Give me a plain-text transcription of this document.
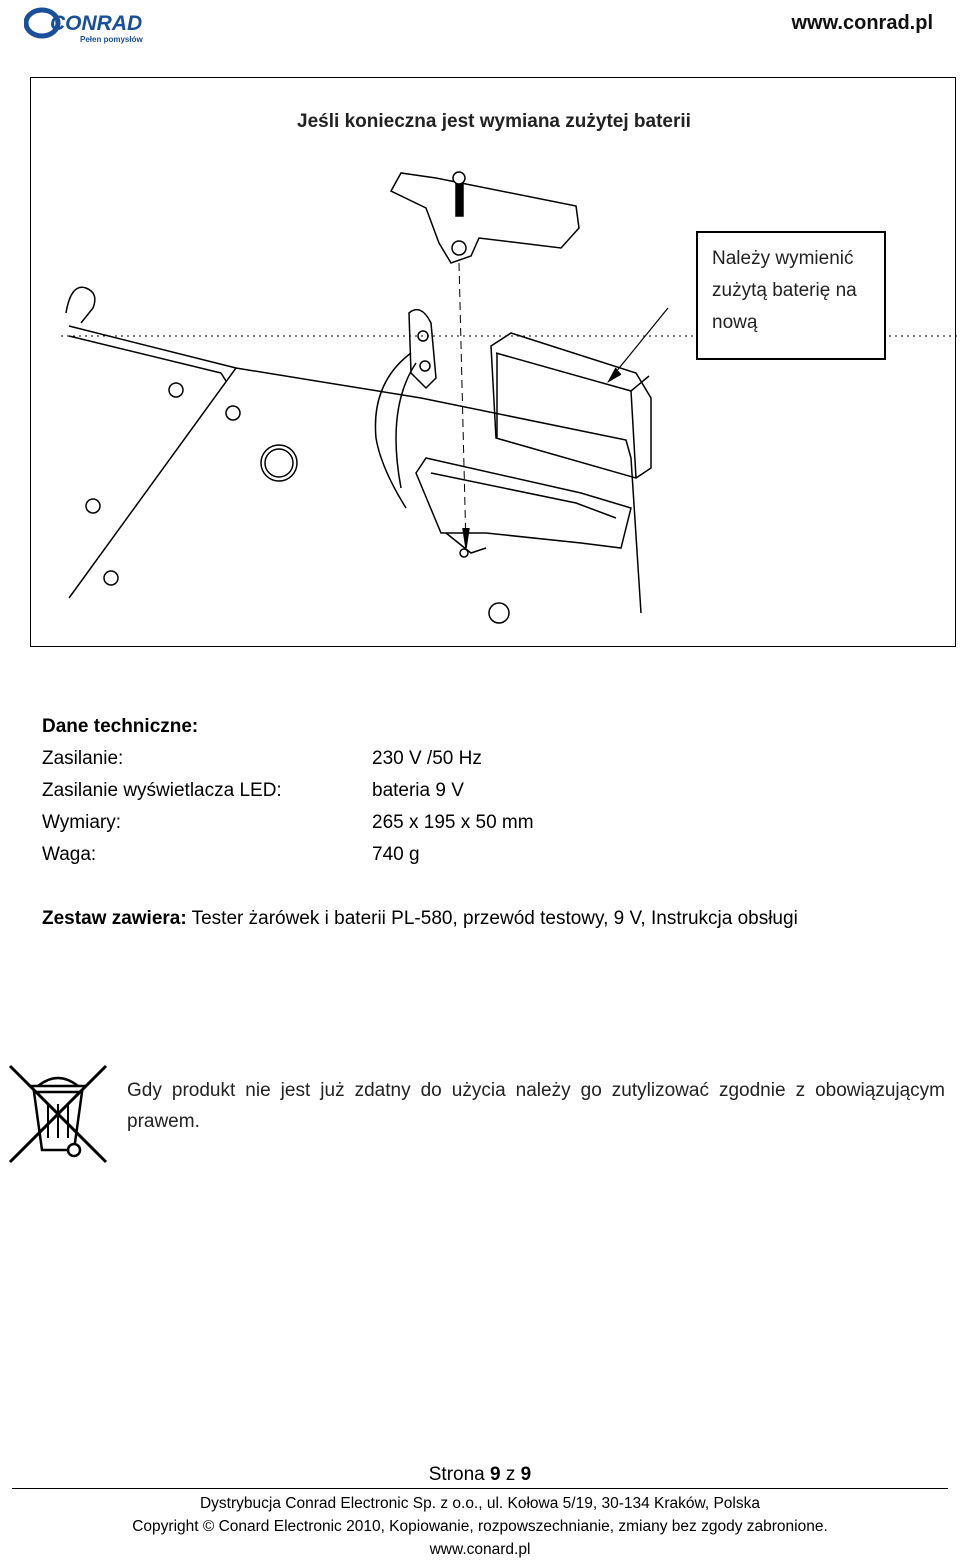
CONRAD
Pełen pomysłów
www.conrad.pl
Jeśli konieczna jest wymiana zużytej baterii
Należy wymienić
zużytą baterię na
nową
Dane techniczne:
Zasilanie:	230 V /50 Hz
Zasilanie wyświetlacza LED:	bateria 9 V
Wymiary:	265 x 195 x 50 mm
Waga:	740 g
Zestaw zawiera: Tester żarówek i baterii PL-580, przewód testowy, 9 V, Instrukcja obsługi
Gdy produkt nie jest już zdatny do użycia należy go zutylizować zgodnie z obowiązującym prawem.
Strona 9 z 9
Dystrybucja Conrad Electronic Sp. z o.o., ul. Kołowa 5/19, 30-134 Kraków, Polska
Copyright © Conard Electronic 2010, Kopiowanie, rozpowszechnianie, zmiany bez zgody zabronione.
www.conard.pl
